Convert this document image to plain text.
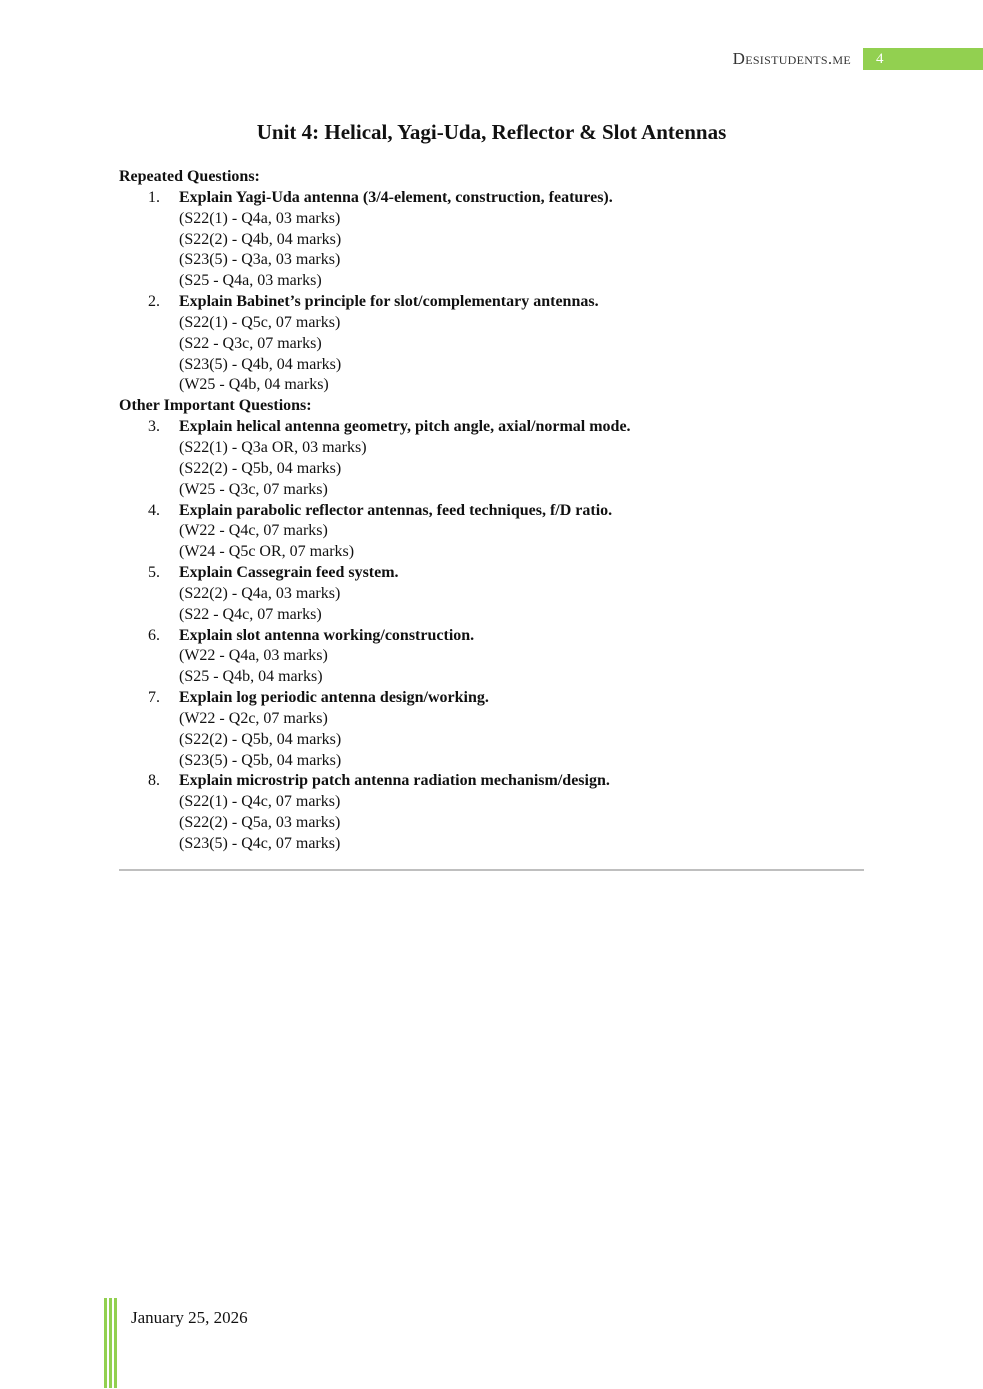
Desistudents.me	4
Unit 4: Helical, Yagi-Uda, Reflector & Slot Antennas
Repeated Questions:
1. Explain Yagi-Uda antenna (3/4-element, construction, features).
(S22(1) - Q4a, 03 marks)
(S22(2) - Q4b, 04 marks)
(S23(5) - Q3a, 03 marks)
(S25 - Q4a, 03 marks)
2. Explain Babinet’s principle for slot/complementary antennas.
(S22(1) - Q5c, 07 marks)
(S22 - Q3c, 07 marks)
(S23(5) - Q4b, 04 marks)
(W25 - Q4b, 04 marks)
Other Important Questions:
3. Explain helical antenna geometry, pitch angle, axial/normal mode.
(S22(1) - Q3a OR, 03 marks)
(S22(2) - Q5b, 04 marks)
(W25 - Q3c, 07 marks)
4. Explain parabolic reflector antennas, feed techniques, f/D ratio.
(W22 - Q4c, 07 marks)
(W24 - Q5c OR, 07 marks)
5. Explain Cassegrain feed system.
(S22(2) - Q4a, 03 marks)
(S22 - Q4c, 07 marks)
6. Explain slot antenna working/construction.
(W22 - Q4a, 03 marks)
(S25 - Q4b, 04 marks)
7. Explain log periodic antenna design/working.
(W22 - Q2c, 07 marks)
(S22(2) - Q5b, 04 marks)
(S23(5) - Q5b, 04 marks)
8. Explain microstrip patch antenna radiation mechanism/design.
(S22(1) - Q4c, 07 marks)
(S22(2) - Q5a, 03 marks)
(S23(5) - Q4c, 07 marks)
January 25, 2026
